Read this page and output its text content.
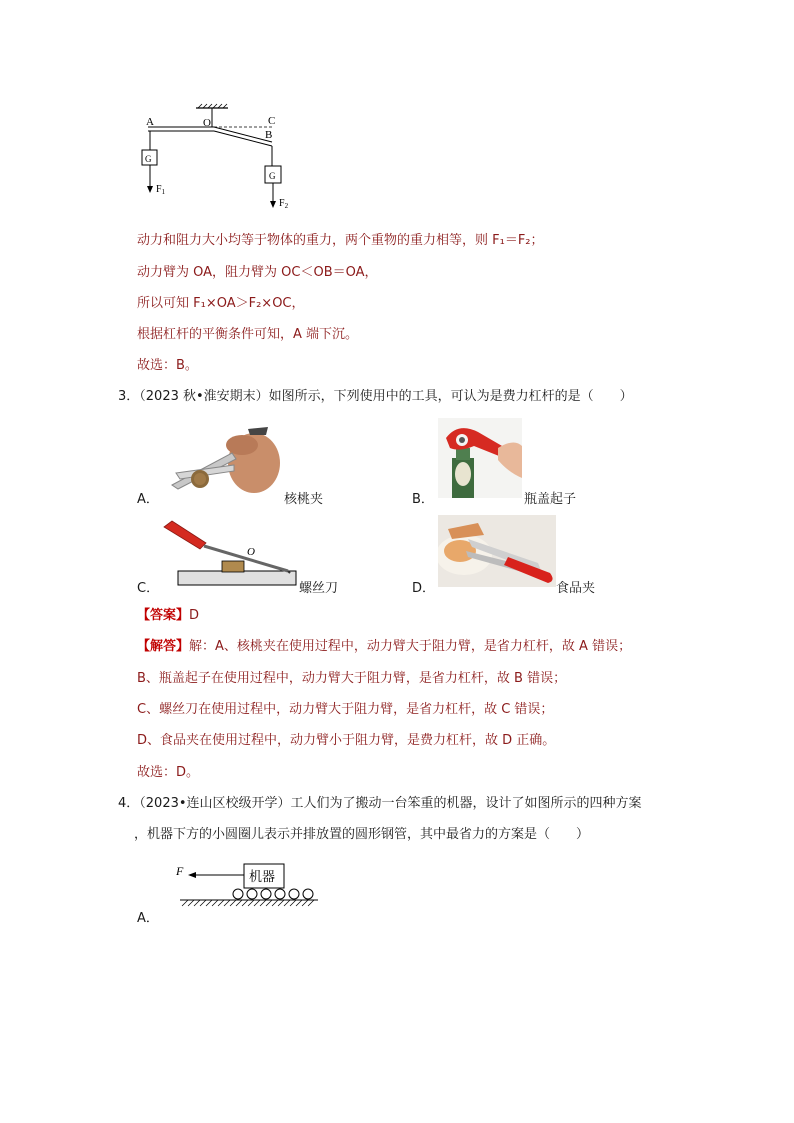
A	O	C
B
G
G
$F_1$
$F_2$
动力和阻力大小均等于物体的重力，两个重物的重力相等，则 F₁＝F₂；
动力臂为 OA，阻力臂为 OC＜OB＝OA，
所以可知 F₁×OA＞F₂×OC，
根据杠杆的平衡条件可知，A 端下沉。
故选：B。
3．（2023 秋•淮安期末）如图所示，下列使用中的工具，可认为是费力杠杆的是（　　）
A．	核桃夹	B．	瓶盖起子
O
C．	螺丝刀	D．	食品夹
【答案】D
【解答】解：A、核桃夹在使用过程中，动力臂大于阻力臂，是省力杠杆，故 A 错误；
B、瓶盖起子在使用过程中，动力臂大于阻力臂，是省力杠杆，故 B 错误；
C、螺丝刀在使用过程中，动力臂大于阻力臂，是省力杠杆，故 C 错误；
D、食品夹在使用过程中，动力臂小于阻力臂，是费力杠杆，故 D 正确。
故选：D。
4．（2023•连山区校级开学）工人们为了搬动一台笨重的机器，设计了如图所示的四种方案
，机器下方的小圆圈儿表示并排放置的圆形钢管，其中最省力的方案是（　　）
F	机器
A．
